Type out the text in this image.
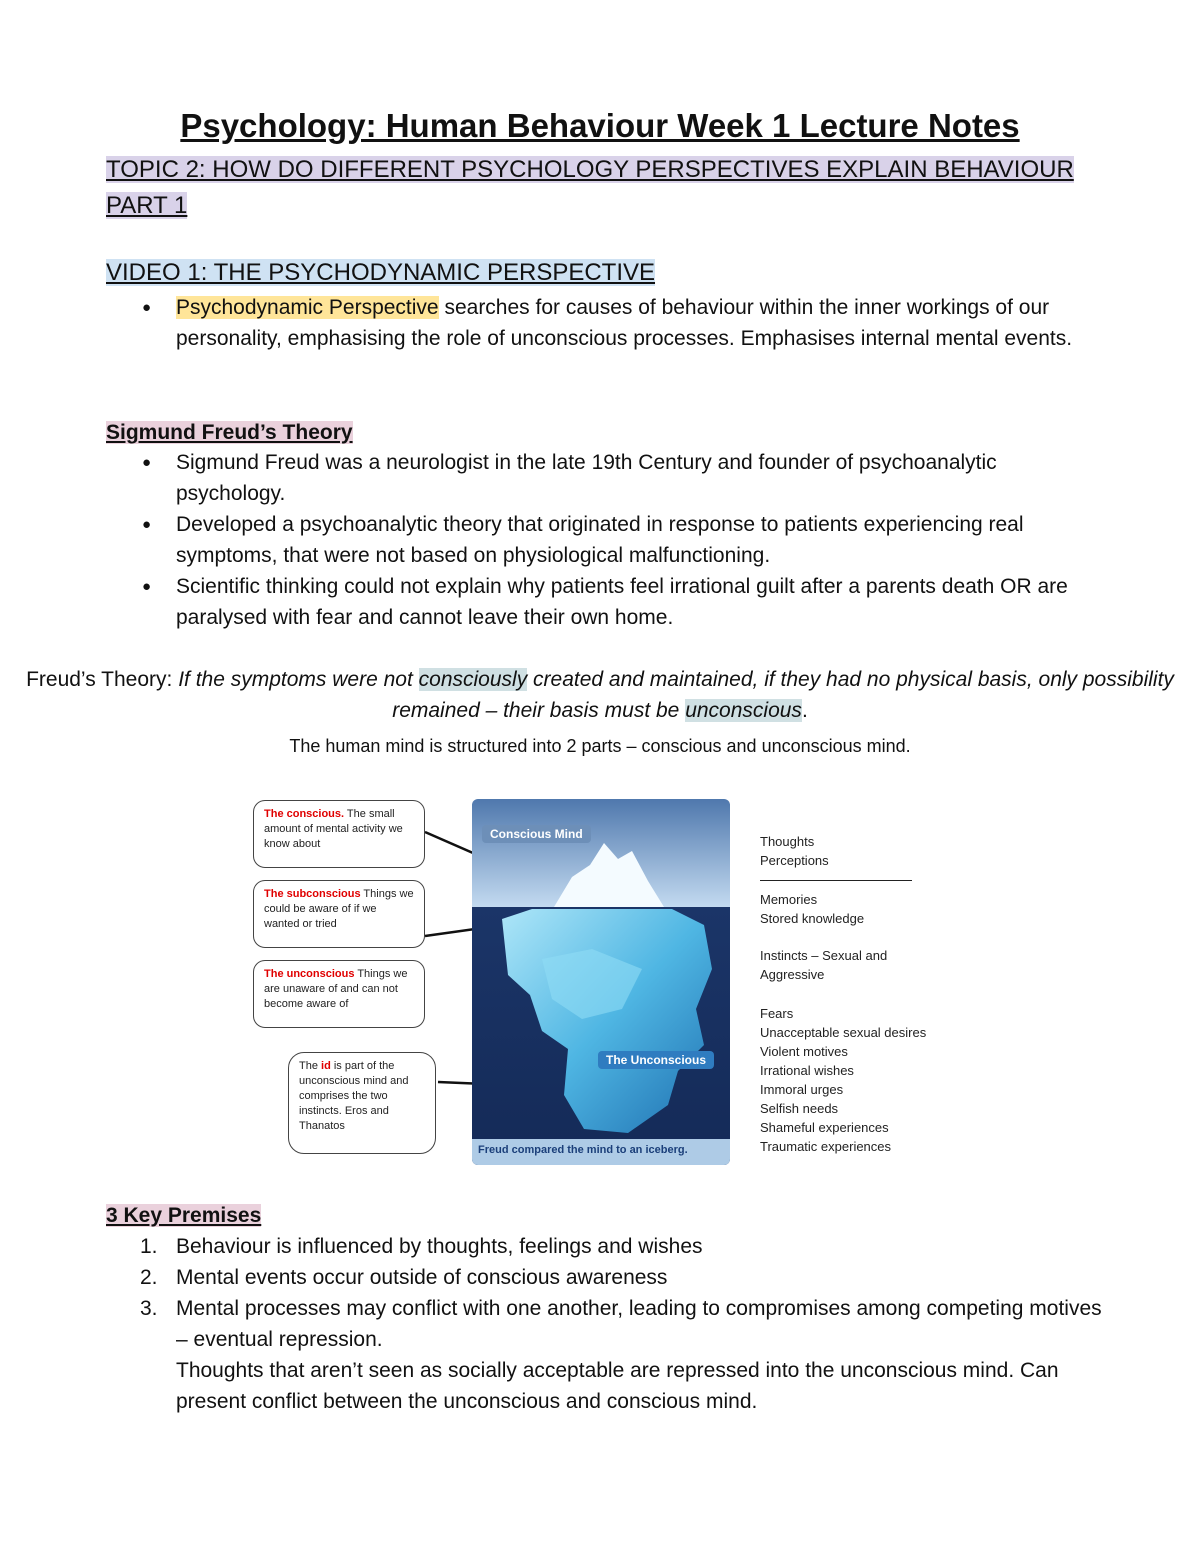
Psychology: Human Behaviour Week 1 Lecture Notes
TOPIC 2: HOW DO DIFFERENT PSYCHOLOGY PERSPECTIVES EXPLAIN BEHAVIOUR PART 1
VIDEO 1: THE PSYCHODYNAMIC PERSPECTIVE
● Psychodynamic Perspective searches for causes of behaviour within the inner workings of our personality, emphasising the role of unconscious processes. Emphasises internal mental events.
Sigmund Freud’s Theory
● Sigmund Freud was a neurologist in the late 19th Century and founder of psychoanalytic psychology.
● Developed a psychoanalytic theory that originated in response to patients experiencing real symptoms, that were not based on physiological malfunctioning.
● Scientific thinking could not explain why patients feel irrational guilt after a parents death OR are paralysed with fear and cannot leave their own home.
Freud’s Theory: If the symptoms were not consciously created and maintained, if they had no physical basis, only possibility remained – their basis must be unconscious.
The human mind is structured into 2 parts – conscious and unconscious mind.
Conscious Mind
The Unconscious
Freud compared the mind to an iceberg.
The conscious. The small amount of mental activity we know about
The subconscious Things we could be aware of if we wanted or tried
The unconscious Things we are unaware of and can not become aware of
The id is part of the unconscious mind and comprises the two instincts. Eros and Thanatos
Thoughts
Perceptions
Memories
Stored knowledge
Instincts – Sexual and
Aggressive
Fears
Unacceptable sexual desires
Violent motives
Irrational wishes
Immoral urges
Selfish needs
Shameful experiences
Traumatic experiences
3 Key Premises
1. Behaviour is influenced by thoughts, feelings and wishes
2. Mental events occur outside of conscious awareness
3. Mental processes may conflict with one another, leading to compromises among competing motives – eventual repression.
Thoughts that aren’t seen as socially acceptable are repressed into the unconscious mind. Can present conflict between the unconscious and conscious mind.
